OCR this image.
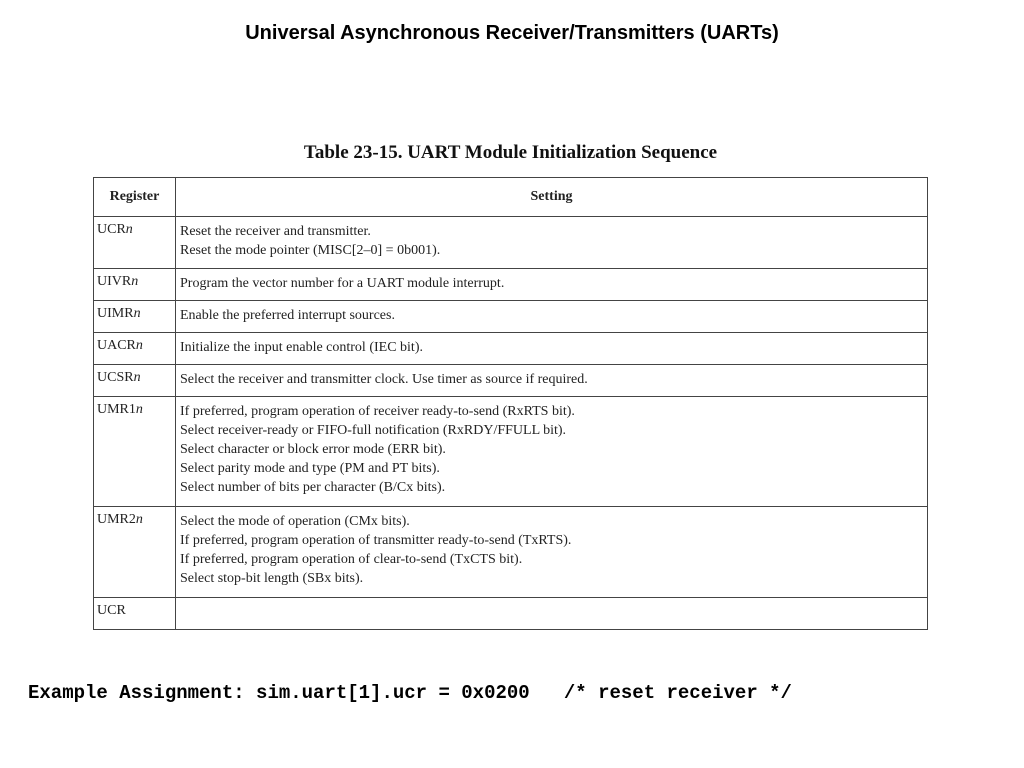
Universal Asynchronous Receiver/Transmitters (UARTs)
Table 23-15. UART Module Initialization Sequence
Register	Setting
UCRn	Reset the receiver and transmitter.
Reset the mode pointer (MISC[2–0] = 0b001).

UIVRn	Program the vector number for a UART module interrupt.

UIMRn	Enable the preferred interrupt sources.

UACRn	Initialize the input enable control (IEC bit).

UCSRn	Select the receiver and transmitter clock. Use timer as source if required.

UMR1n	If preferred, program operation of receiver ready-to-send (RxRTS bit).
Select receiver-ready or FIFO-full notification (RxRDY/FFULL bit).
Select character or block error mode (ERR bit).
Select parity mode and type (PM and PT bits).
Select number of bits per character (B/Cx bits).

UMR2n	Select the mode of operation (CMx bits).
If preferred, program operation of transmitter ready-to-send (TxRTS).
If preferred, program operation of clear-to-send (TxCTS bit).
Select stop-bit length (SBx bits).

UCR	
Example Assignment: sim.uart[1].ucr = 0x0200   /* reset receiver */
